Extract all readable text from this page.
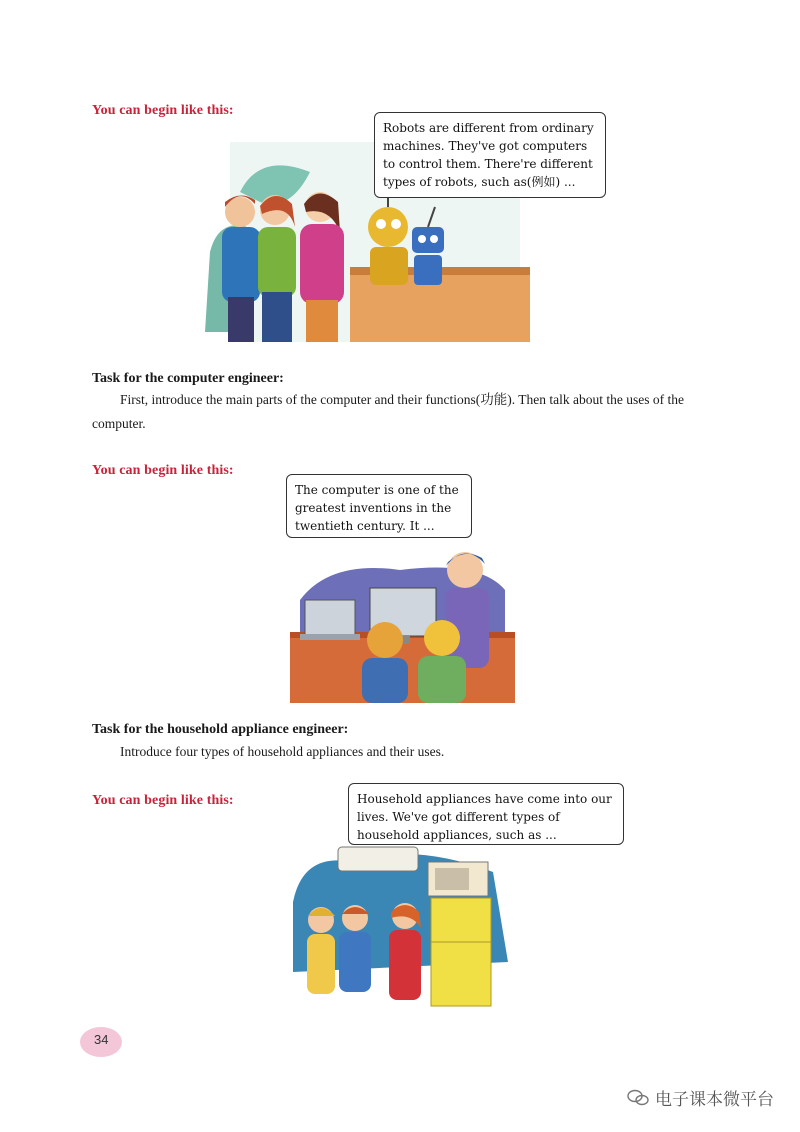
You can begin like this:
Robots are different from ordinary machines. They've got computers to control them. There're different types of robots, such as(例如) ...
Task for the computer engineer:
First, introduce the main parts of the computer and their functions(功能). Then talk about the uses of the computer.
You can begin like this:
The computer is one of the greatest inventions in the twentieth century. It ...
Task for the household appliance engineer:
Introduce four types of household appliances and their uses.
You can begin like this:	Household appliances have come into our lives. We've got different types of household appliances, such as ...
34
电子课本微平台
